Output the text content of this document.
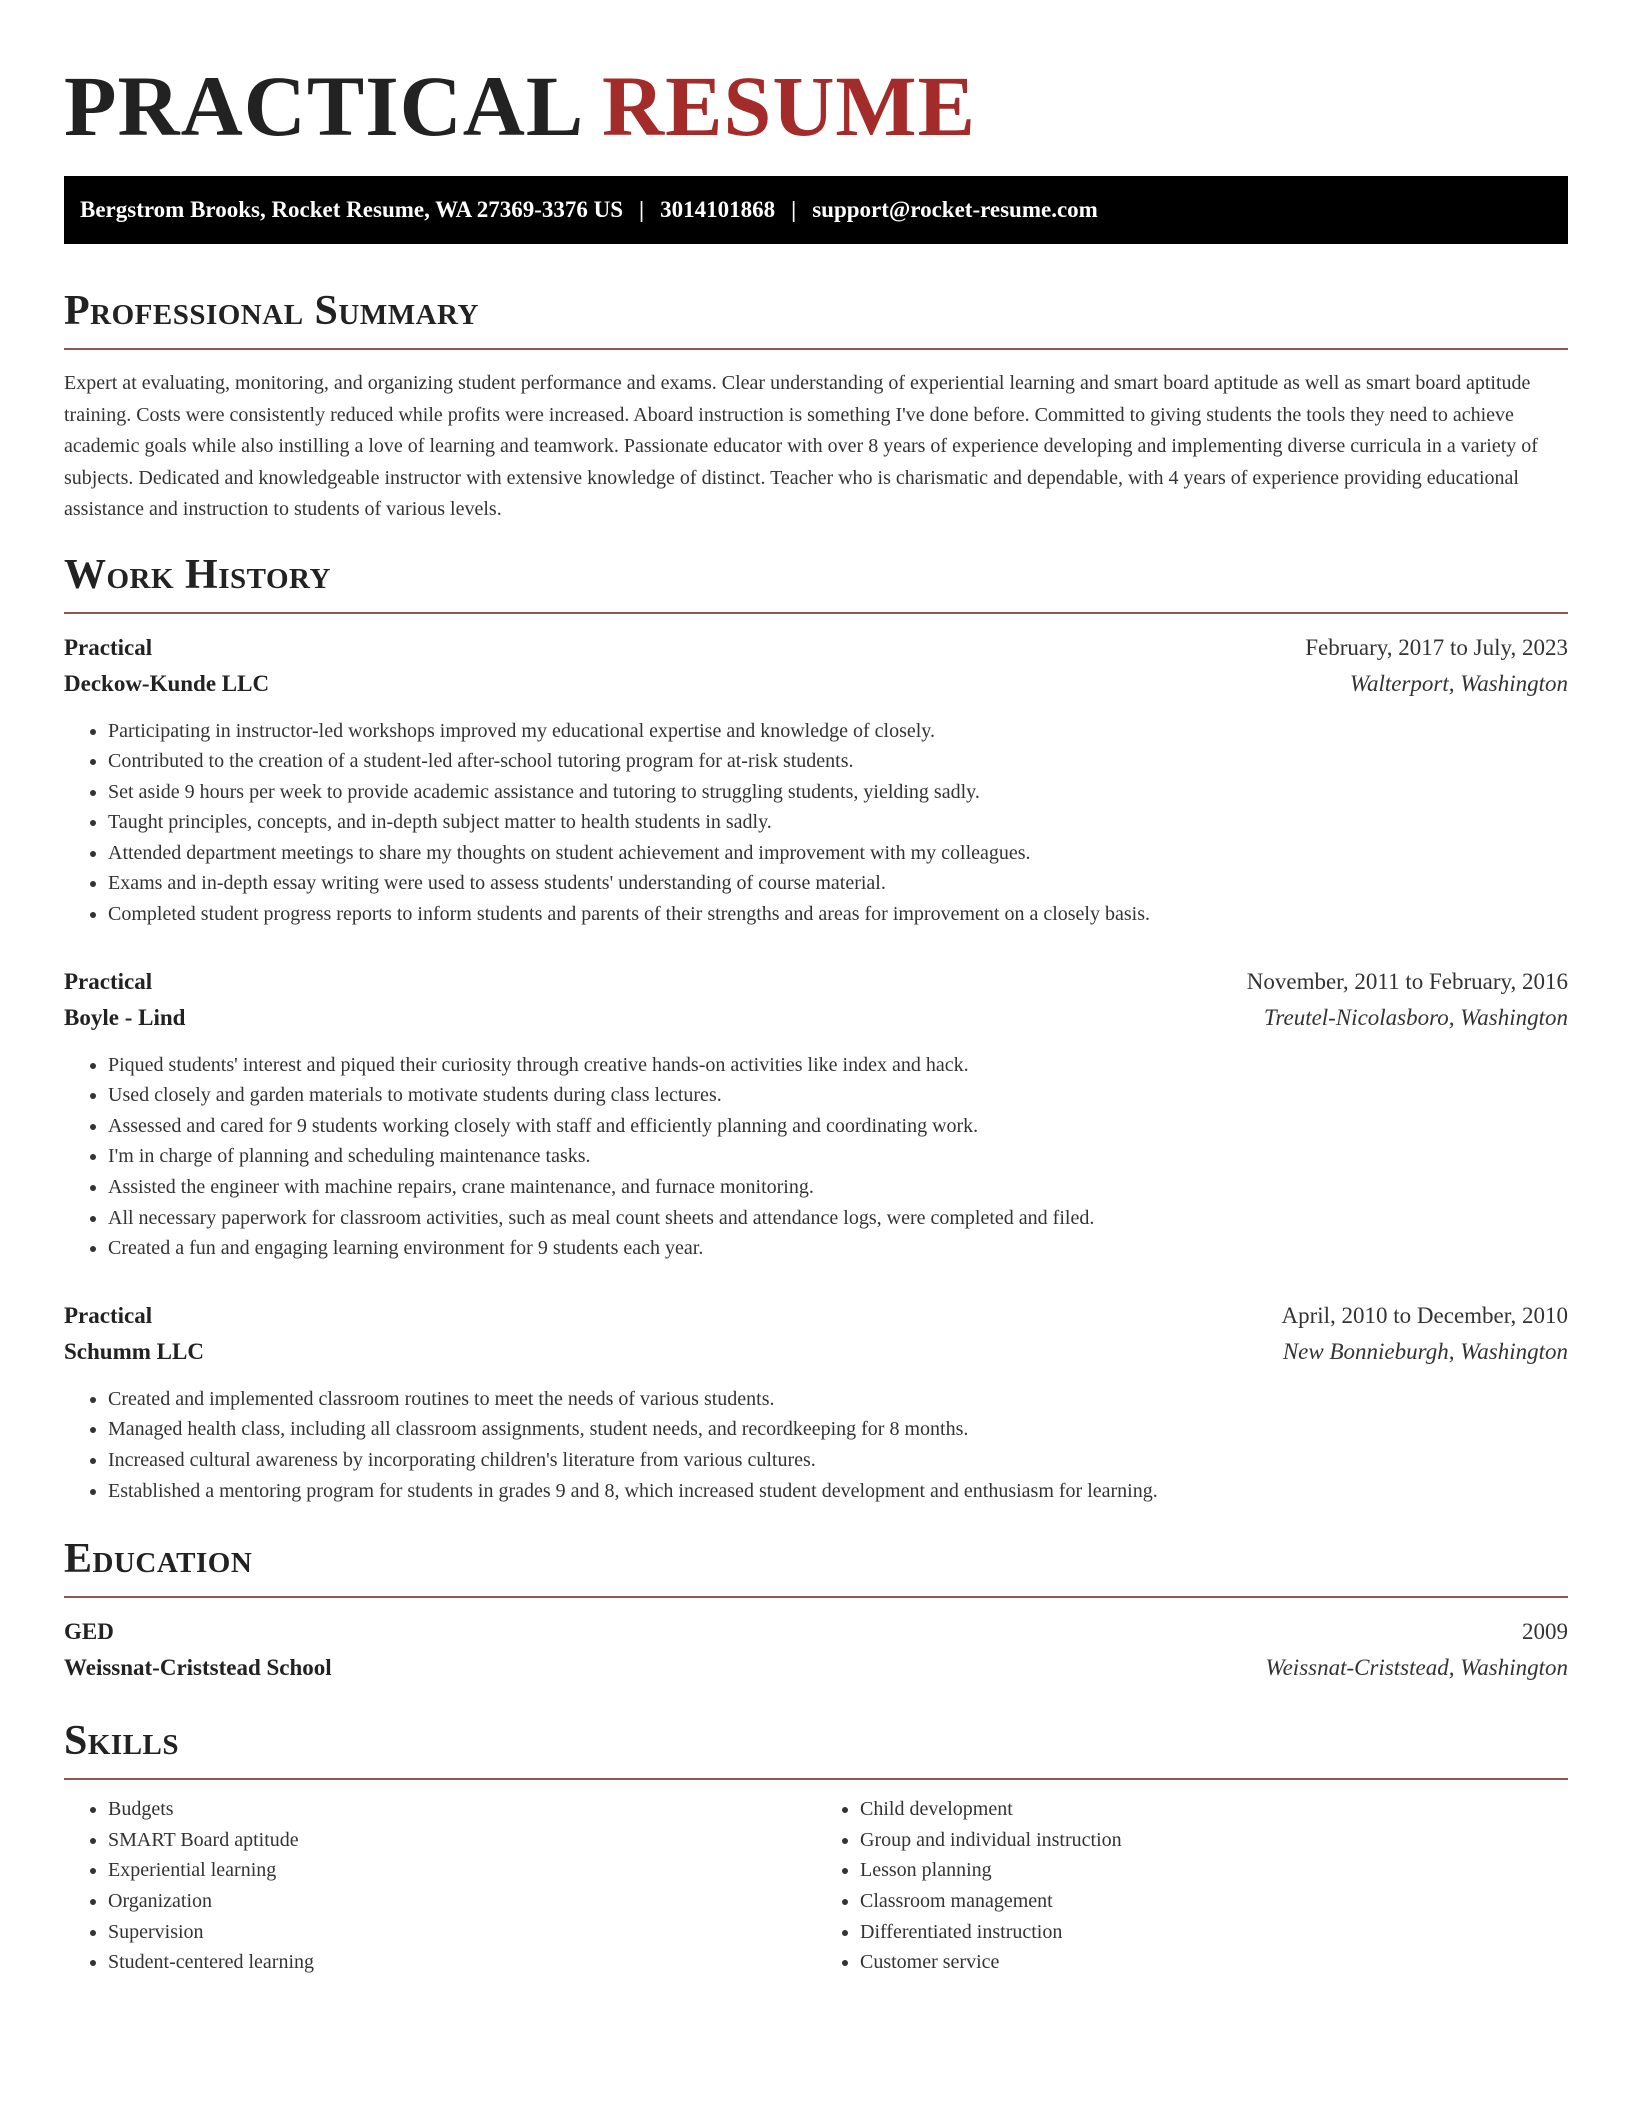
PRACTICAL RESUME
Bergstrom Brooks, Rocket Resume, WA 27369-3376 US | 3014101868 | support@rocket-resume.com
Professional Summary

Expert at evaluating, monitoring, and organizing student performance and exams. Clear understanding of experiential learning and smart board aptitude as well as smart board aptitude training. Costs were consistently reduced while profits were increased. Aboard instruction is something I've done before. Committed to giving students the tools they need to achieve academic goals while also instilling a love of learning and teamwork. Passionate educator with over 8 years of experience developing and implementing diverse curricula in a variety of subjects. Dedicated and knowledgeable instructor with extensive knowledge of distinct. Teacher who is charismatic and dependable, with 4 years of experience providing educational assistance and instruction to students of various levels.

Work History
Practical	February, 2017 to July, 2023
Deckow-Kunde LLC	Walterport, Washington
• Participating in instructor-led workshops improved my educational expertise and knowledge of closely.
• Contributed to the creation of a student-led after-school tutoring program for at-risk students.
• Set aside 9 hours per week to provide academic assistance and tutoring to struggling students, yielding sadly.
• Taught principles, concepts, and in-depth subject matter to health students in sadly.
• Attended department meetings to share my thoughts on student achievement and improvement with my colleagues.
• Exams and in-depth essay writing were used to assess students' understanding of course material.
• Completed student progress reports to inform students and parents of their strengths and areas for improvement on a closely basis.
Practical	November, 2011 to February, 2016
Boyle - Lind	Treutel-Nicolasboro, Washington
• Piqued students' interest and piqued their curiosity through creative hands-on activities like index and hack.
• Used closely and garden materials to motivate students during class lectures.
• Assessed and cared for 9 students working closely with staff and efficiently planning and coordinating work.
• I'm in charge of planning and scheduling maintenance tasks.
• Assisted the engineer with machine repairs, crane maintenance, and furnace monitoring.
• All necessary paperwork for classroom activities, such as meal count sheets and attendance logs, were completed and filed.
• Created a fun and engaging learning environment for 9 students each year.
Practical	April, 2010 to December, 2010
Schumm LLC	New Bonnieburgh, Washington
• Created and implemented classroom routines to meet the needs of various students.
• Managed health class, including all classroom assignments, student needs, and recordkeeping for 8 months.
• Increased cultural awareness by incorporating children's literature from various cultures.
• Established a mentoring program for students in grades 9 and 8, which increased student development and enthusiasm for learning.
Education
GED	2009
Weissnat-Criststead School	Weissnat-Criststead, Washington
Skills
• Budgets
• SMART Board aptitude
• Experiential learning
• Organization
• Supervision
• Student-centered learning
• Child development
• Group and individual instruction
• Lesson planning
• Classroom management
• Differentiated instruction
• Customer service
